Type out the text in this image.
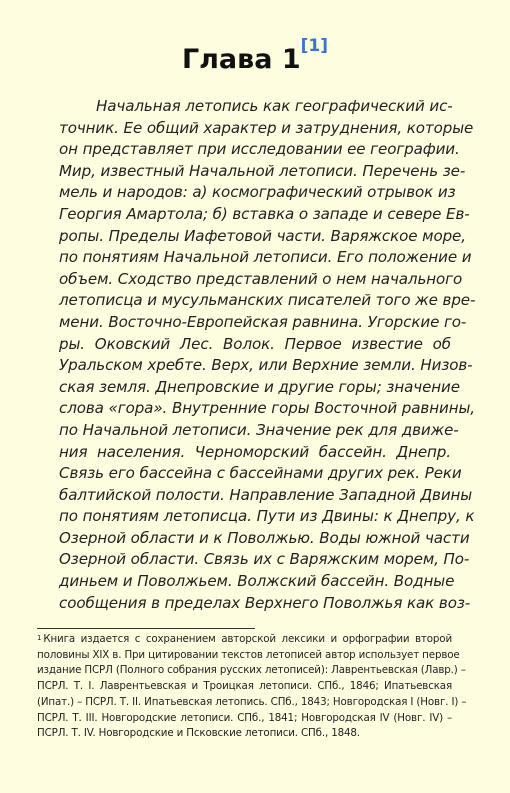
Глава 1[1]
Начальная летопись как географический ис-
точник. Ее общий характер и затруднения, которые
он представляет при исследовании ее географии.
Мир, известный Начальной летописи. Перечень зе-
мель и народов: а) космографический отрывок из
Георгия Амартола; б) вставка о западе и севере Ев-
ропы. Пределы Иафетовой части. Варяжское море,
по понятиям Начальной летописи. Его положение и
объем. Сходство представлений о нем начального
летописца и мусульманских писателей того же вре-
мени. Восточно-Европейская равнина. Угорские го-
ры. Оковский Лес. Волок. Первое известие об
Уральском хребте. Верх, или Верхние земли. Низов-
ская земля. Днепровские и другие горы; значение
слова «гора». Внутренние горы Восточной равнины,
по Начальной летописи. Значение рек для движе-
ния населения. Черноморский бассейн. Днепр.
Связь его бассейна с бассейнами других рек. Реки
балтийской полости. Направление Западной Двины
по понятиям летописца. Пути из Двины: к Днепру, к
Озерной области и к Поволжью. Воды южной части
Озерной области. Связь их с Варяжским морем, По-
диньем и Поволжьем. Волжский бассейн. Водные
сообщения в пределах Верхнего Поволжья как воз-
$^1$ Книга издается с сохранением авторской лексики и орфографии второй
половины XIX в. При цитировании текстов летописей автор использует первое
издание ПСРЛ (Полного собрания русских летописей): Лаврентьевская (Лавр.) –
ПСРЛ. Т. I. Лаврентьевская и Троицкая летописи. СПб., 1846; Ипатьевская
(Ипат.) – ПСРЛ. Т. II. Ипатьевская летопись. СПб., 1843; Новгородская I (Новг. I) –
ПСРЛ. Т. III. Новгородские летописи. СПб., 1841; Новгородская IV (Новг. IV) –
ПСРЛ. Т. IV. Новгородские и Псковские летописи. СПб., 1848.
